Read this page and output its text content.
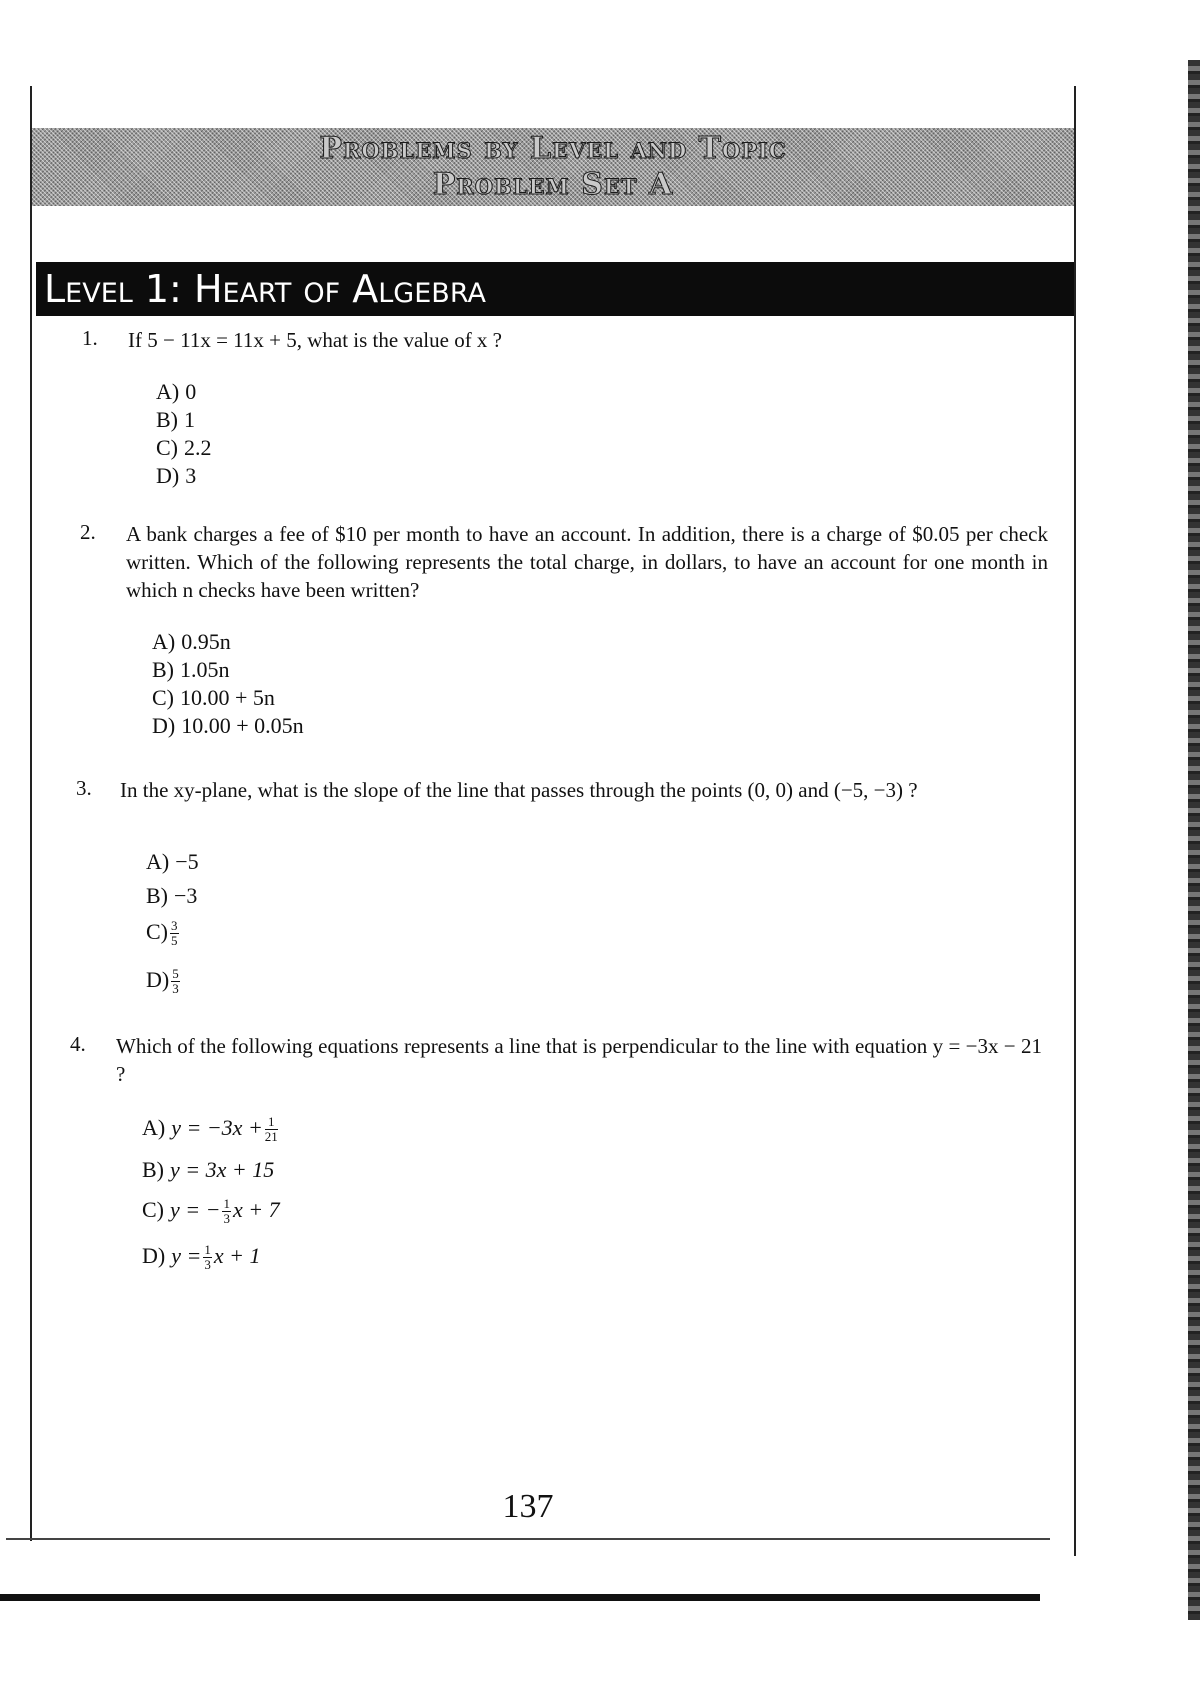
Problems by Level and Topic
Problem Set A
Level 1: Heart of Algebra
1. If 5 − 11x = 11x + 5, what is the value of x ?
A) 0
B) 1
C) 2.2
D) 3
2. A bank charges a fee of $10 per month to have an account. In addition, there is a charge of $0.05 per check written. Which of the following represents the total charge, in dollars, to have an account for one month in which n checks have been written?
A) 0.95n
B) 1.05n
C) 10.00 + 5n
D) 10.00 + 0.05n
3. In the xy-plane, what is the slope of the line that passes through the points (0, 0) and (−5, −3) ?
A) −5
B) −3
$C) \frac{3}{5}$
$D) \frac{5}{3}$
4. Which of the following equations represents a line that is perpendicular to the line with equation y = −3x − 21 ?
A) $y = -3x + \frac{1}{21}$
B) y = 3x + 15
C) y = − $\frac{1}{3}$ x + 7
D) $y = \frac{1}{3}$ x + 1
137
